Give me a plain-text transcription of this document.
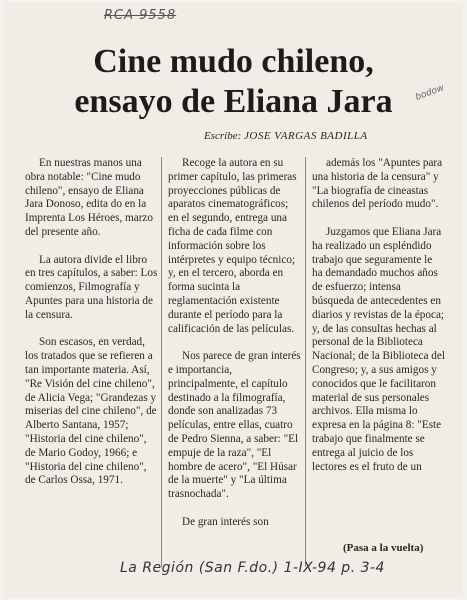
RCA 9558
Cine mudo chileno,
ensayo de Eliana Jara	bodow
Escribe: JOSE VARGAS BADILLA

En nuestras manos una obra notable: "Cine mudo chileno", ensayo de Eliana Jara Donoso, edita do en la Imprenta Los Héroes, marzo del presente año.

La autora divide el libro en tres capítulos, a saber: Los comienzos, Filmografía y Apuntes para una historia de la censura.

Son escasos, en verdad, los tratados que se refieren a tan importante materia. Así, "Re Visión del cine chileno", de Alicia Vega; "Grandezas y miserias del cine chileno", de Alberto Santana, 1957; "Historia del cine chileno", de Mario Godoy, 1966; e "Historia del cine chileno", de Carlos Ossa, 1971.

Recoge la autora en su primer capítulo, las primeras proyecciones públicas de aparatos cinematográficos; en el segundo, entrega una ficha de cada filme con información sobre los intérpretes y equipo técnico; y, en el tercero, aborda en forma sucinta la reglamentación existente durante el período para la calificación de las películas.

Nos parece de gran interés e importancia, principalmente, el capítulo destinado a la filmografía, donde son analizadas 73 películas, entre ellas, cuatro de Pedro Sienna, a saber: "El empuje de la raza", "El hombre de acero", "El Húsar de la muerte" y "La última trasnochada".

De gran interés son

además los "Apuntes para una historia de la censura" y "La biografía de cineastas chilenos del período mudo".

Juzgamos que Eliana Jara ha realizado un espléndido trabajo que seguramente le ha demandado muchos años de esfuerzo; intensa búsqueda de antecedentes en diarios y revistas de la época; y, de las consultas hechas al personal de la Biblioteca Nacional; de la Biblioteca del Congreso; y, a sus amigos y conocidos que le facilitaron material de sus personales archivos. Ella misma lo expresa en la página 8: "Este trabajo que finalmente se entrega al juicio de los lectores es el fruto de un

(Pasa a la vuelta)
La Región (San F.do.) 1-IX-94 p. 3-4
